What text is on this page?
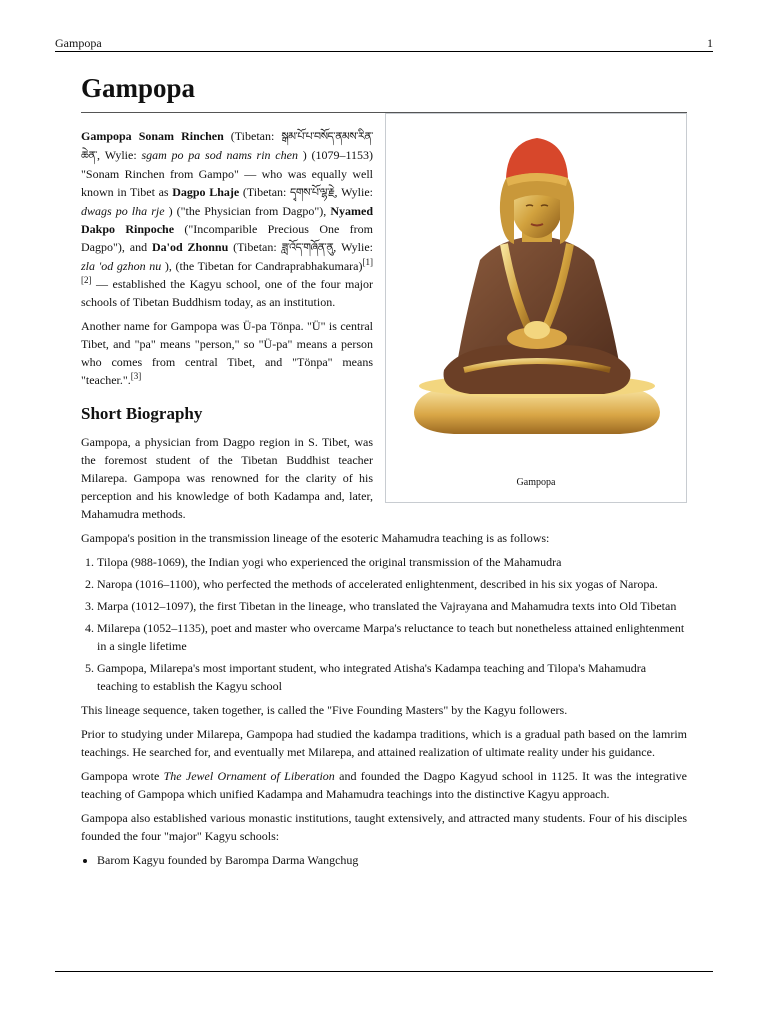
Gampopa	1
Gampopa
Gampopa

Gampopa Sonam Rinchen (Tibetan: སྒམ་པོ་པ་བསོད་ནམས་རིན་ཆེན་, Wylie: sgam po pa sod nams rin chen ) (1079–1153) "Sonam Rinchen from Gampo" — who was equally well known in Tibet as Dagpo Lhaje (Tibetan: དྭགས་པོ་ལྷ་རྗེ, Wylie: dwags po lha rje ) ("the Physician from Dagpo"), Nyamed Dakpo Rinpoche ("Incomparible Precious One from Dagpo"), and Da'od Zhonnu (Tibetan: ཟླ་འོད་གཞོན་ནུ, Wylie: zla 'od gzhon nu ), (the Tibetan for Candraprabhakumara)[1] [2] — established the Kagyu school, one of the four major schools of Tibetan Buddhism today, as an institution.

Another name for Gampopa was Ü-pa Tönpa. "Ü" is central Tibet, and "pa" means "person," so "Ü-pa" means a person who comes from central Tibet, and "Tönpa" means "teacher.".[3]

Short Biography

Gampopa, a physician from Dagpo region in S. Tibet, was the foremost student of the Tibetan Buddhist teacher Milarepa. Gampopa was renowned for the clarity of his perception and his knowledge of both Kadampa and, later, Mahamudra methods.

Gampopa's position in the transmission lineage of the esoteric Mahamudra teaching is as follows:

1. Tilopa (988-1069), the Indian yogi who experienced the original transmission of the Mahamudra
2. Naropa (1016–1100), who perfected the methods of accelerated enlightenment, described in his six yogas of Naropa.
3. Marpa (1012–1097), the first Tibetan in the lineage, who translated the Vajrayana and Mahamudra texts into Old Tibetan
4. Milarepa (1052–1135), poet and master who overcame Marpa's reluctance to teach but nonetheless attained enlightenment in a single lifetime
5. Gampopa, Milarepa's most important student, who integrated Atisha's Kadampa teaching and Tilopa's Mahamudra teaching to establish the Kagyu school

This lineage sequence, taken together, is called the "Five Founding Masters" by the Kagyu followers.

Prior to studying under Milarepa, Gampopa had studied the kadampa traditions, which is a gradual path based on the lamrim teachings. He searched for, and eventually met Milarepa, and attained realization of ultimate reality under his guidance.

Gampopa wrote The Jewel Ornament of Liberation and founded the Dagpo Kagyud school in 1125. It was the integrative teaching of Gampopa which unified Kadampa and Mahamudra teachings into the distinctive Kagyu approach.

Gampopa also established various monastic institutions, taught extensively, and attracted many students. Four of his disciples founded the four "major" Kagyu schools:

• Barom Kagyu founded by Barompa Darma Wangchug
